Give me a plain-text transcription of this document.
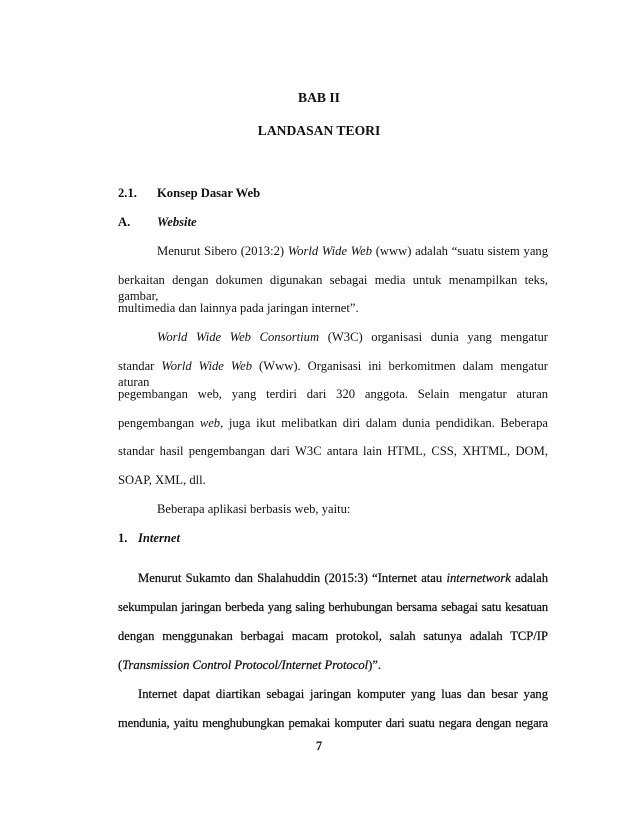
BAB II
LANDASAN TEORI
2.1. Konsep Dasar Web
A. Website
Menurut Sibero (2013:2) World Wide Web (www) adalah “suatu sistem yang
berkaitan dengan dokumen digunakan sebagai media untuk menampilkan teks, gambar,
multimedia dan lainnya pada jaringan internet”.
World Wide Web Consortium (W3C) organisasi dunia yang mengatur
standar World Wide Web (Www). Organisasi ini berkomitmen dalam mengatur aturan
pegembangan web, yang terdiri dari 320 anggota. Selain mengatur aturan
pengembangan web, juga ikut melibatkan diri dalam dunia pendidikan. Beberapa
standar hasil pengembangan dari W3C antara lain HTML, CSS, XHTML, DOM,
SOAP, XML, dll.
Beberapa aplikasi berbasis web, yaitu:
1. Internet
Menurut Sukamto dan Shalahuddin (2015:3) “Internet atau internetwork adalah
sekumpulan jaringan berbeda yang saling berhubungan bersama sebagai satu kesatuan
dengan menggunakan berbagai macam protokol, salah satunya adalah TCP/IP
(Transmission Control Protocol/Internet Protocol)”.
Internet dapat diartikan sebagai jaringan komputer yang luas dan besar yang
mendunia, yaitu menghubungkan pemakai komputer dari suatu negara dengan negara
7
